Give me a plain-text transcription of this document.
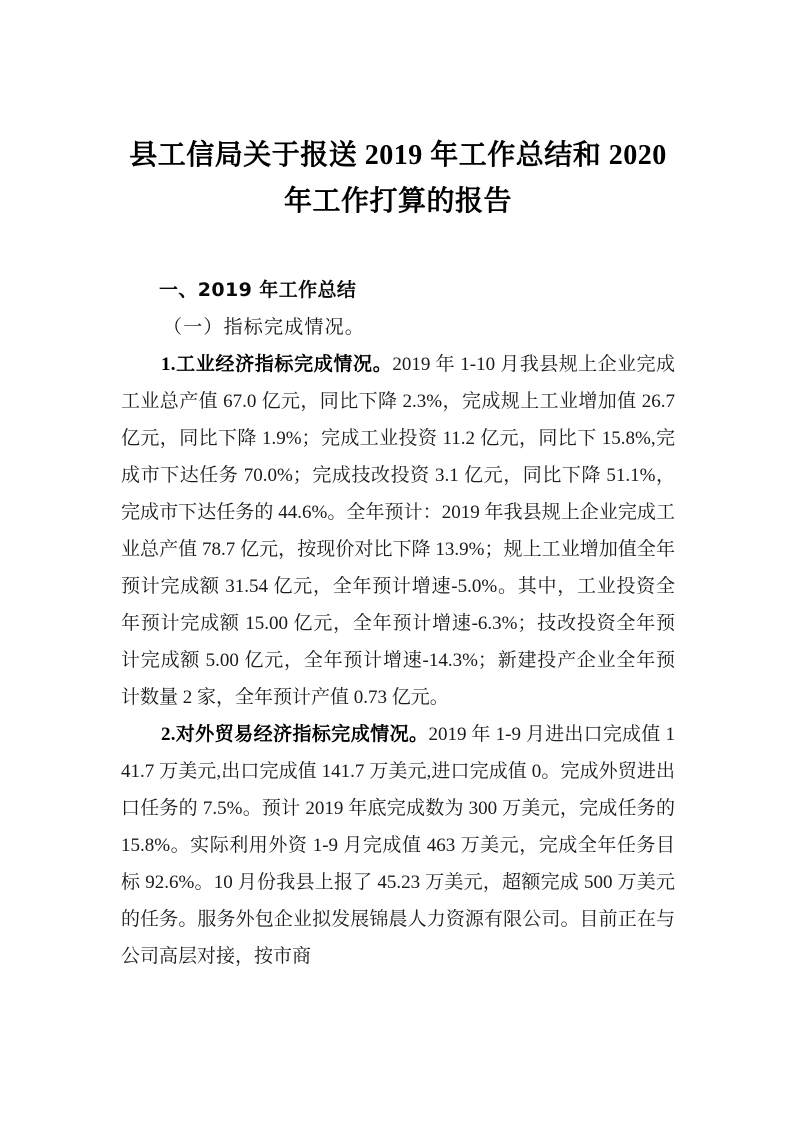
县工信局关于报送 2019 年工作总结和 2020
年工作打算的报告

一、2019 年工作总结

（一）指标完成情况。

1.工业经济指标完成情况。2019 年 1-10 月我县规上企业完成工业总产值 67.0 亿元，同比下降 2.3%，完成规上工业增加值 26.7 亿元，同比下降 1.9%；完成工业投资 11.2 亿元，同比下 15.8%,完成市下达任务 70.0%；完成技改投资 3.1 亿元，同比下降 51.1%，完成市下达任务的 44.6%。全年预计：2019 年我县规上企业完成工业总产值 78.7 亿元，按现价对比下降 13.9%；规上工业增加值全年预计完成额 31.54 亿元，全年预计增速-5.0%。其中，工业投资全年预计完成额 15.00 亿元，全年预计增速-6.3%；技改投资全年预计完成额 5.00 亿元，全年预计增速-14.3%；新建投产企业全年预计数量 2 家，全年预计产值 0.73 亿元。

2.对外贸易经济指标完成情况。2019 年 1-9 月进出口完成值 141.7 万美元,出口完成值 141.7 万美元,进口完成值 0。完成外贸进出口任务的 7.5%。预计 2019 年底完成数为 300 万美元，完成任务的 15.8%。实际利用外资 1-9 月完成值 463 万美元，完成全年任务目标 92.6%。10 月份我县上报了 45.23 万美元，超额完成 500 万美元的任务。服务外包企业拟发展锦晨人力资源有限公司。目前正在与公司高层对接，按市商
